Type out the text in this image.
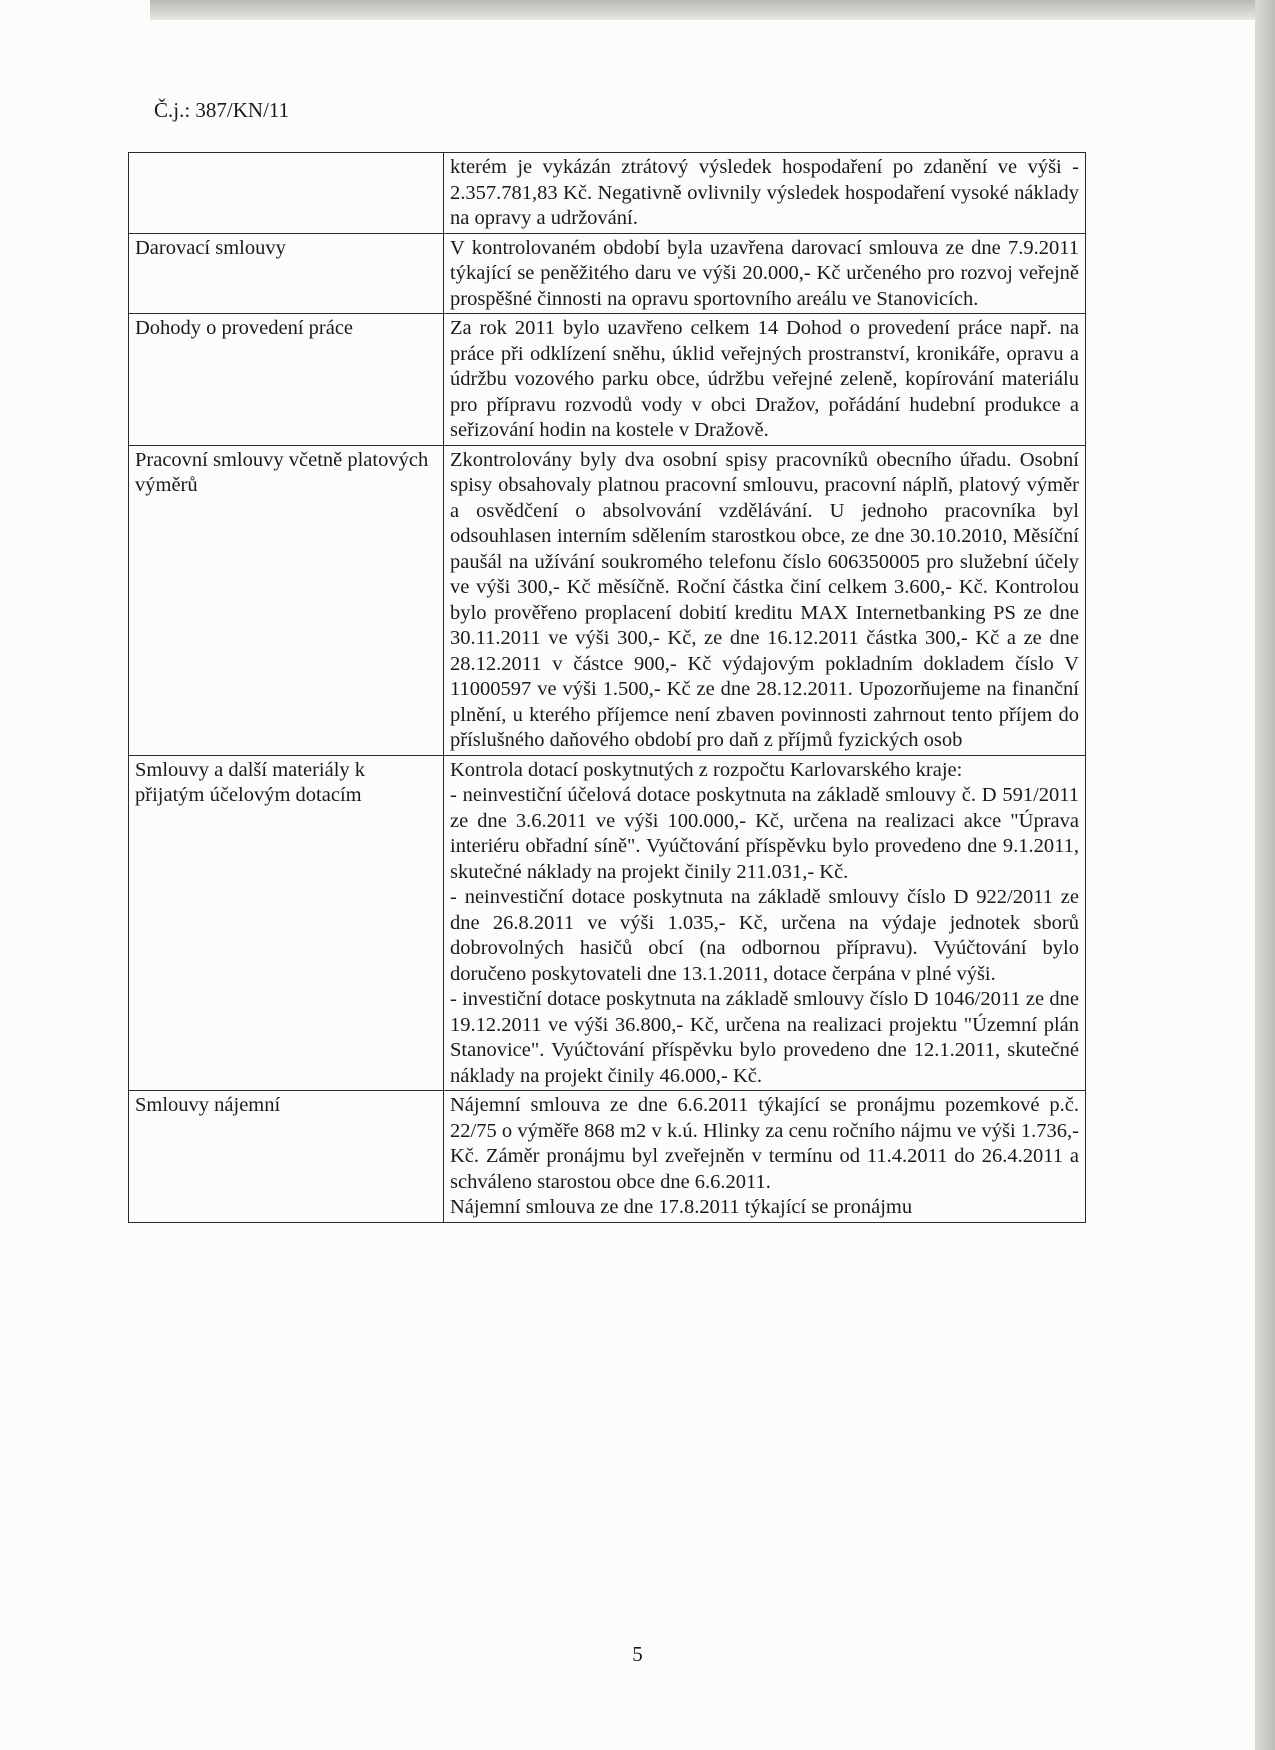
Č.j.: 387/KN/11

	kterém je vykázán ztrátový výsledek hospodaření po zdanění ve výši - 2.357.781,83 Kč. Negativně ovlivnily výsledek hospodaření vysoké náklady na opravy a udržování.

Darovací smlouvy	V kontrolovaném období byla uzavřena darovací smlouva ze dne 7.9.2011 týkající se peněžitého daru ve výši 20.000,- Kč určeného pro rozvoj veřejně prospěšné činnosti na opravu sportovního areálu ve Stanovicích.

Dohody o provedení práce	Za rok 2011 bylo uzavřeno celkem 14 Dohod o provedení práce např. na práce při odklízení sněhu, úklid veřejných prostranství, kronikáře, opravu a údržbu vozového parku obce, údržbu veřejné zeleně, kopírování materiálu pro přípravu rozvodů vody v obci Dražov, pořádání hudební produkce a seřizování hodin na kostele v Dražově.

Pracovní smlouvy včetně platových výměrů	Zkontrolovány byly dva osobní spisy pracovníků obecního úřadu. Osobní spisy obsahovaly platnou pracovní smlouvu, pracovní náplň, platový výměr a osvědčení o absolvování vzdělávání. U jednoho pracovníka byl odsouhlasen interním sdělením starostkou obce, ze dne 30.10.2010, Měsíční paušál na užívání soukromého telefonu číslo 606350005 pro služební účely ve výši 300,- Kč měsíčně. Roční částka činí celkem 3.600,- Kč. Kontrolou bylo prověřeno proplacení dobití kreditu MAX Internetbanking PS ze dne 30.11.2011 ve výši 300,- Kč, ze dne 16.12.2011 částka 300,- Kč a ze dne 28.12.2011 v částce 900,- Kč výdajovým pokladním dokladem číslo V 11000597 ve výši 1.500,- Kč ze dne 28.12.2011. Upozorňujeme na finanční plnění, u kterého příjemce není zbaven povinnosti zahrnout tento příjem do příslušného daňového období pro daň z příjmů fyzických osob

Smlouvy a další materiály k přijatým účelovým dotacím	Kontrola dotací poskytnutých z rozpočtu Karlovarského kraje:

- neinvestiční účelová dotace poskytnuta na základě smlouvy č. D 591/2011 ze dne 3.6.2011 ve výši 100.000,- Kč, určena na realizaci akce "Úprava interiéru obřadní síně". Vyúčtování příspěvku bylo provedeno dne 9.1.2011, skutečné náklady na projekt činily 211.031,- Kč.

- neinvestiční dotace poskytnuta na základě smlouvy číslo D 922/2011 ze dne 26.8.2011 ve výši 1.035,- Kč, určena na výdaje jednotek sborů dobrovolných hasičů obcí (na odbornou přípravu). Vyúčtování bylo doručeno poskytovateli dne 13.1.2011, dotace čerpána v plné výši.

- investiční dotace poskytnuta na základě smlouvy číslo D 1046/2011 ze dne 19.12.2011 ve výši 36.800,- Kč, určena na realizaci projektu "Územní plán Stanovice". Vyúčtování příspěvku bylo provedeno dne 12.1.2011, skutečné náklady na projekt činily 46.000,- Kč.

Smlouvy nájemní	Nájemní smlouva ze dne 6.6.2011 týkající se pronájmu pozemkové p.č. 22/75 o výměře 868 m2 v k.ú. Hlinky za cenu ročního nájmu ve výši 1.736,- Kč. Záměr pronájmu byl zveřejněn v termínu od 11.4.2011 do 26.4.2011 a schváleno starostou obce dne 6.6.2011.

Nájemní smlouva ze dne 17.8.2011 týkající se pronájmu

5
